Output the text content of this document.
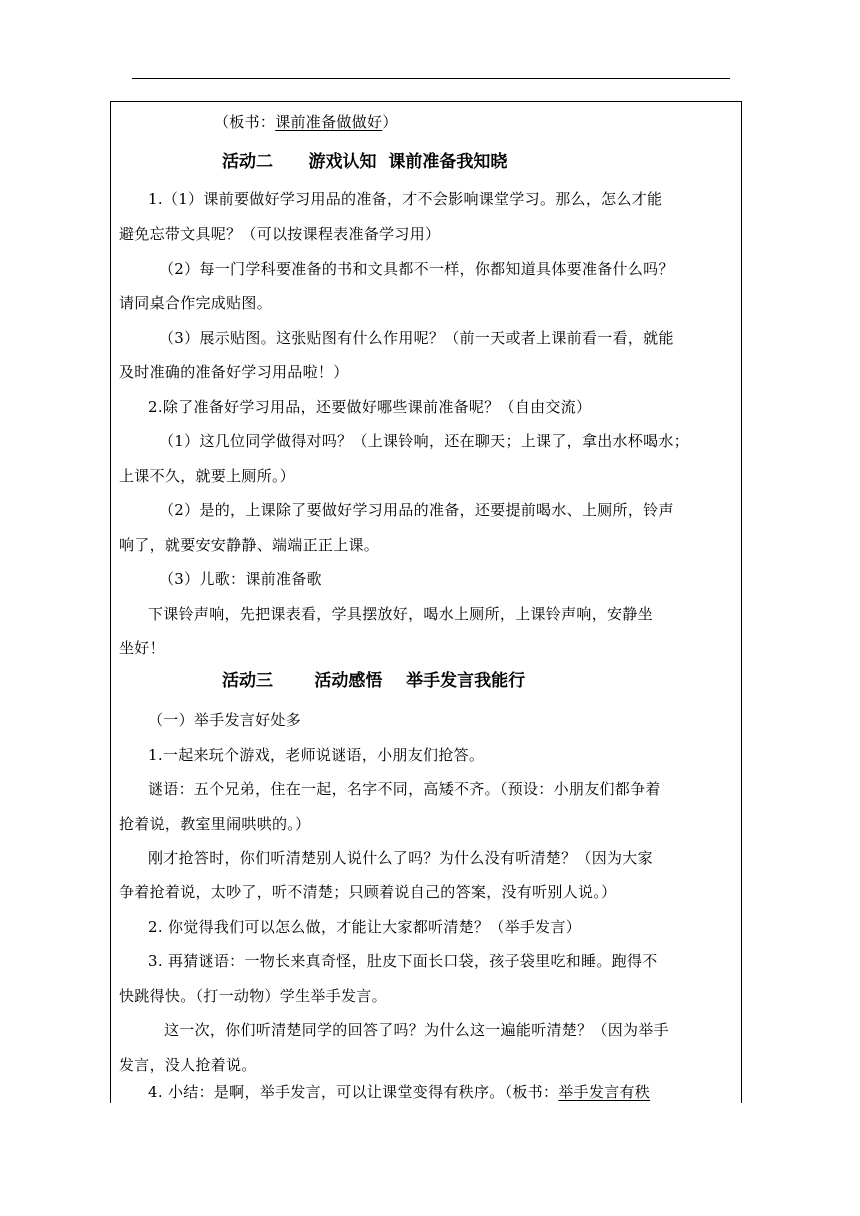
（板书：课前准备做做好）
活动二      游戏认知  课前准备我知晓
1.（1）课前要做好学习用品的准备，才不会影响课堂学习。那么，怎么才能
避免忘带文具呢？（可以按课程表准备学习用）
（2）每一门学科要准备的书和文具都不一样，你都知道具体要准备什么吗？
请同桌合作完成贴图。
（3）展示贴图。这张贴图有什么作用呢？（前一天或者上课前看一看，就能
及时准确的准备好学习用品啦！）
2.除了准备好学习用品，还要做好哪些课前准备呢？（自由交流）
（1）这几位同学做得对吗？（上课铃响，还在聊天；上课了，拿出水杯喝水；
上课不久，就要上厕所。）
（2）是的，上课除了要做好学习用品的准备，还要提前喝水、上厕所，铃声
响了，就要安安静静、端端正正上课。
（3）儿歌：课前准备歌
下课铃声响，先把课表看，学具摆放好，喝水上厕所，上课铃声响，安静坐
坐好！
活动三       活动感悟    举手发言我能行
（一）举手发言好处多
1.一起来玩个游戏，老师说谜语，小朋友们抢答。
谜语：五个兄弟，住在一起，名字不同，高矮不齐。（预设：小朋友们都争着
抢着说，教室里闹哄哄的。）
刚才抢答时，你们听清楚别人说什么了吗？为什么没有听清楚？（因为大家
争着抢着说，太吵了，听不清楚；只顾着说自己的答案，没有听别人说。）
2. 你觉得我们可以怎么做，才能让大家都听清楚？（举手发言）
3. 再猜谜语：一物长来真奇怪，肚皮下面长口袋，孩子袋里吃和睡。跑得不
快跳得快。（打一动物）学生举手发言。
这一次，你们听清楚同学的回答了吗？为什么这一遍能听清楚？（因为举手
发言，没人抢着说。
4. 小结：是啊，举手发言，可以让课堂变得有秩序。（板书：举手发言有秩
